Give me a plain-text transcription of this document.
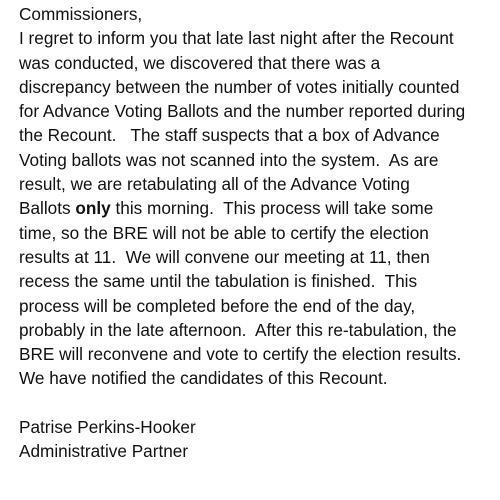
Commissioners,
I regret to inform you that late last night after the Recount
was conducted, we discovered that there was a
discrepancy between the number of votes initially counted
for Advance Voting Ballots and the number reported during
the Recount.   The staff suspects that a box of Advance
Voting ballots was not scanned into the system.  As are
result, we are retabulating all of the Advance Voting
Ballots only this morning.  This process will take some
time, so the BRE will not be able to certify the election
results at 11.  We will convene our meeting at 11, then
recess the same until the tabulation is finished.  This
process will be completed before the end of the day,
probably in the late afternoon.  After this re-tabulation, the
BRE will reconvene and vote to certify the election results.
We have notified the candidates of this Recount.
Patrise Perkins-Hooker
Administrative Partner
